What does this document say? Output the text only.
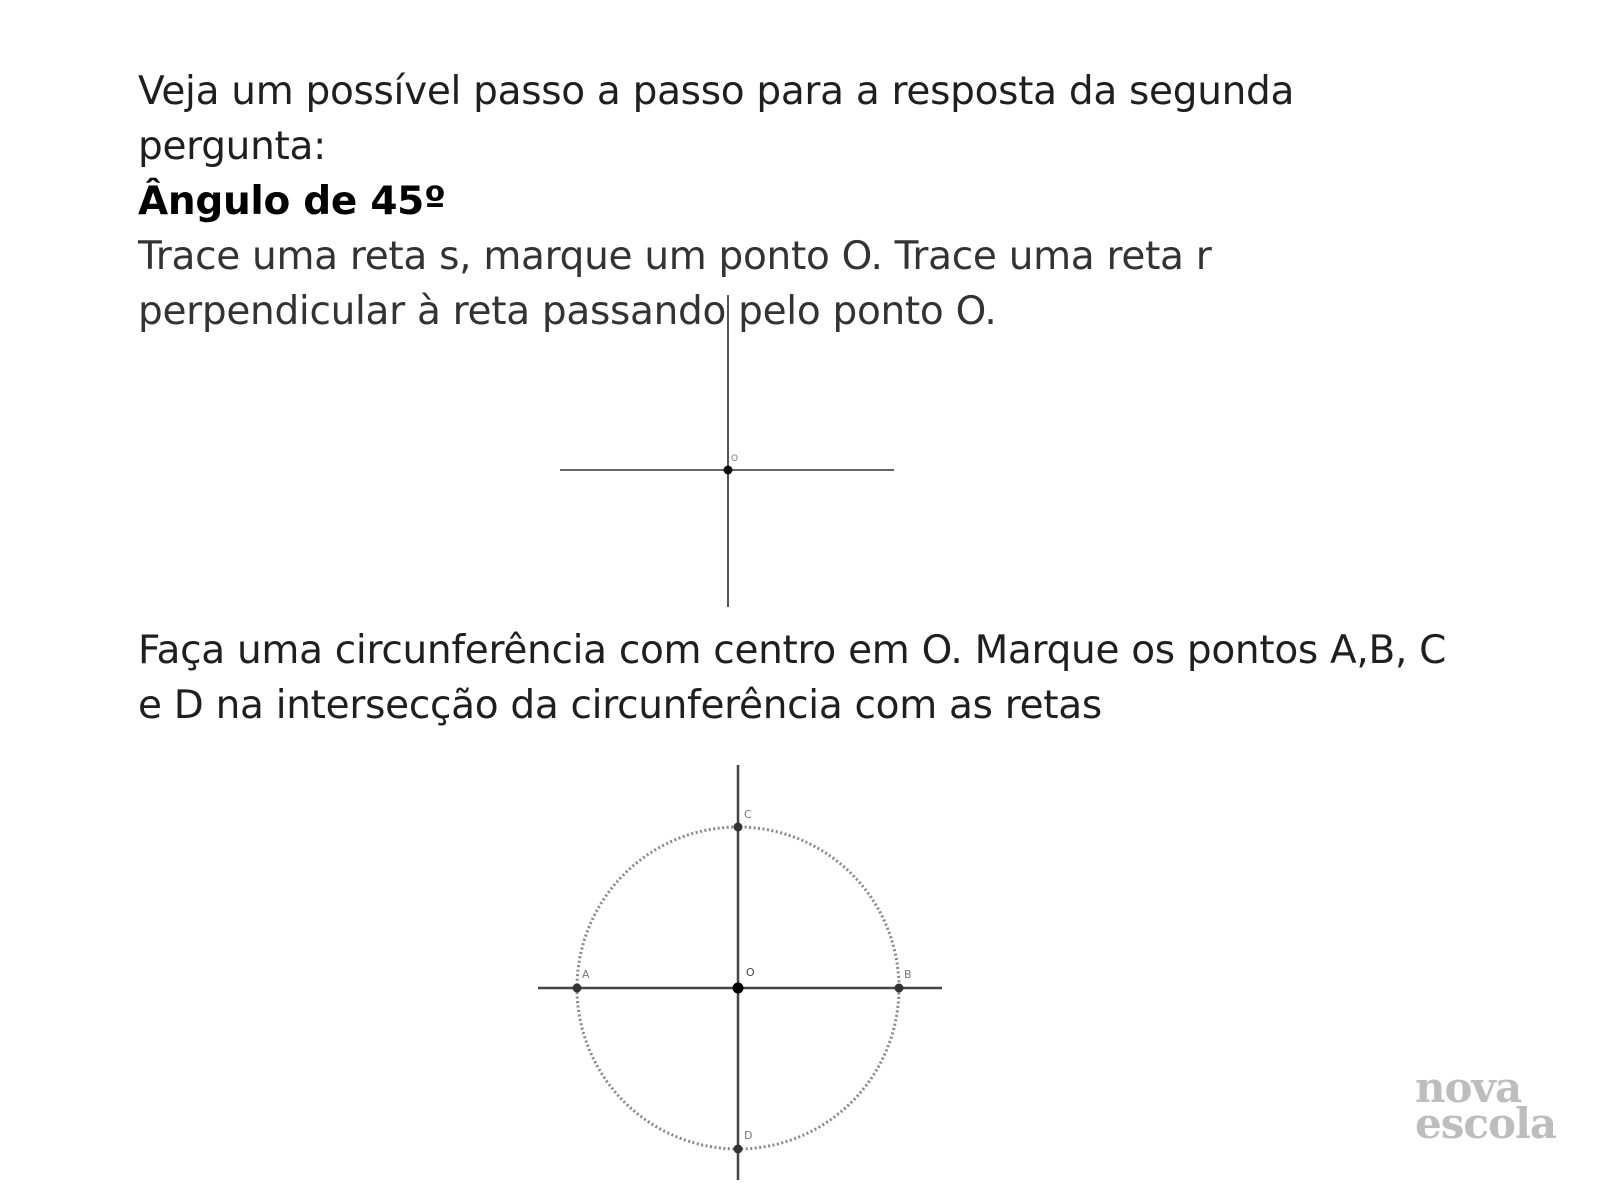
Veja um possível passo a passo para a resposta da segunda pergunta:
Ângulo de 45º
Trace uma reta s, marque um ponto O. Trace uma reta r perpendicular à reta passando pelo ponto O.
O
Faça uma circunferência com centro em O. Marque os pontos A,B, C e D na intersecção da circunferência com as retas
A	B
C
D
O
nova
escola
